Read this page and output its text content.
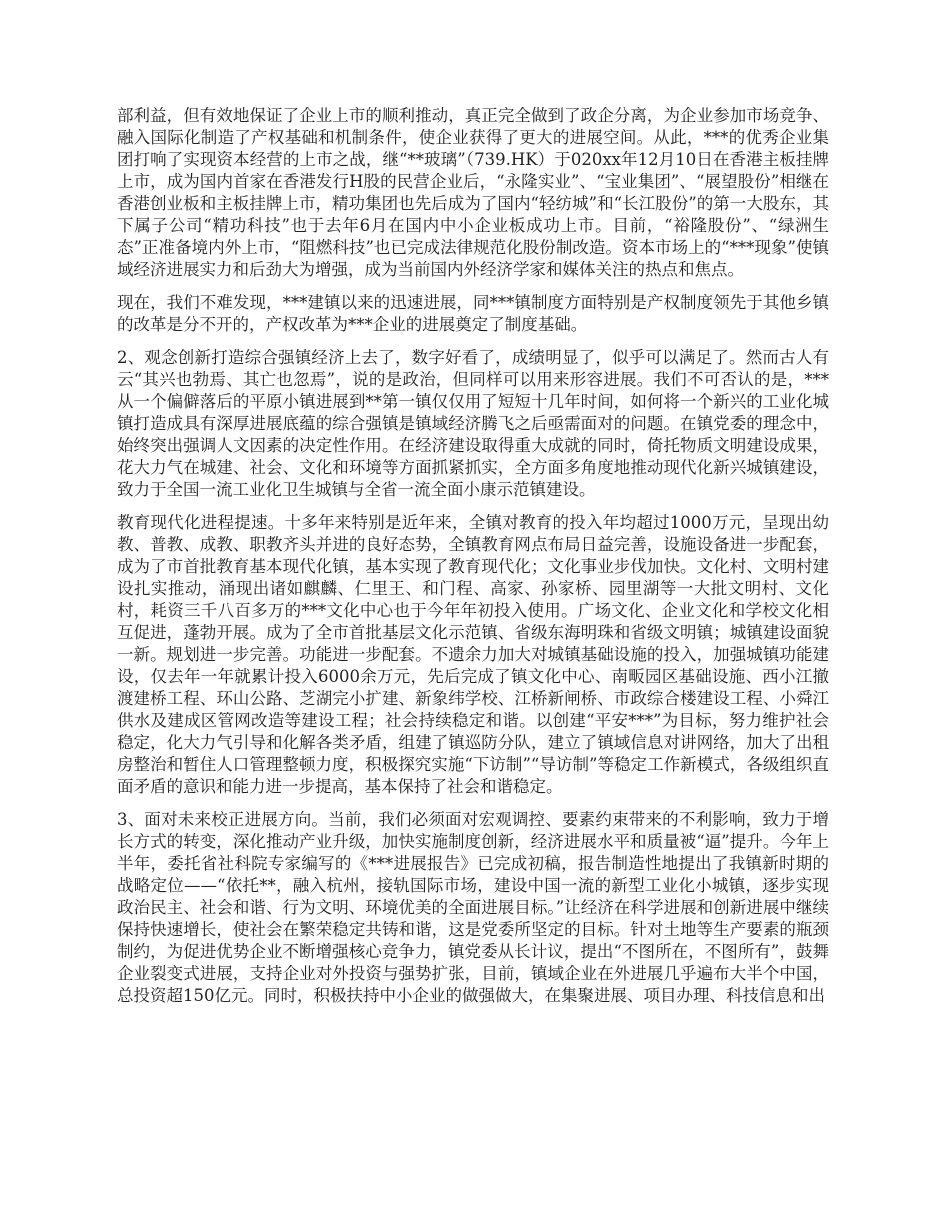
部利益，但有效地保证了企业上市的顺利推动，真正完全做到了政企分离，为企业参加市场竞争、融入国际化制造了产权基础和机制条件，使企业获得了更大的进展空间。从此，***的优秀企业集团打响了实现资本经营的上市之战，继“**玻璃”（739.HK）于020xx年12月10日在香港主板挂牌上市，成为国内首家在香港发行H股的民营企业后，“永隆实业”、“宝业集团”、“展望股份”相继在香港创业板和主板挂牌上市，精功集团也先后成为了国内“轻纺城”和“长江股份”的第一大股东，其下属子公司“精功科技”也于去年6月在国内中小企业板成功上市。目前，“裕隆股份”、“绿洲生态”正准备境内外上市，“阻燃科技”也已完成法律规范化股份制改造。资本市场上的“***现象”使镇域经济进展实力和后劲大为增强，成为当前国内外经济学家和媒体关注的热点和焦点。

现在，我们不难发现，***建镇以来的迅速进展，同***镇制度方面特别是产权制度领先于其他乡镇的改革是分不开的，产权改革为***企业的进展奠定了制度基础。

2、观念创新打造综合强镇经济上去了，数字好看了，成绩明显了，似乎可以满足了。然而古人有云“其兴也勃焉、其亡也忽焉”，说的是政治，但同样可以用来形容进展。我们不可否认的是，***从一个偏僻落后的平原小镇进展到**第一镇仅仅用了短短十几年时间，如何将一个新兴的工业化城镇打造成具有深厚进展底蕴的综合强镇是镇域经济腾飞之后亟需面对的问题。在镇党委的理念中，始终突出强调人文因素的决定性作用。在经济建设取得重大成就的同时，倚托物质文明建设成果，花大力气在城建、社会、文化和环境等方面抓紧抓实，全方面多角度地推动现代化新兴城镇建设，致力于全国一流工业化卫生城镇与全省一流全面小康示范镇建设。

教育现代化进程提速。十多年来特别是近年来，全镇对教育的投入年均超过1000万元，呈现出幼教、普教、成教、职教齐头并进的良好态势，全镇教育网点布局日益完善，设施设备进一步配套，成为了市首批教育基本现代化镇，基本实现了教育现代化；文化事业步伐加快。文化村、文明村建设扎实推动，涌现出诸如麒麟、仁里王、和门程、高家、孙家桥、园里湖等一大批文明村、文化村，耗资三千八百多万的***文化中心也于今年年初投入使用。广场文化、企业文化和学校文化相互促进，蓬勃开展。成为了全市首批基层文化示范镇、省级东海明珠和省级文明镇；城镇建设面貌一新。规划进一步完善。功能进一步配套。不遗余力加大对城镇基础设施的投入，加强城镇功能建设，仅去年一年就累计投入6000余万元，先后完成了镇文化中心、南畈园区基础设施、西小江撤渡建桥工程、环山公路、芝湖完小扩建、新象纬学校、江桥新闸桥、市政综合楼建设工程、小舜江供水及建成区管网改造等建设工程；社会持续稳定和谐。以创建“平安***”为目标，努力维护社会稳定，化大力气引导和化解各类矛盾，组建了镇巡防分队，建立了镇域信息对讲网络，加大了出租房整治和暂住人口管理整顿力度，积极探究实施“下访制”“导访制”等稳定工作新模式，各级组织直面矛盾的意识和能力进一步提高，基本保持了社会和谐稳定。

3、面对未来校正进展方向。当前，我们必须面对宏观调控、要素约束带来的不利影响，致力于增长方式的转变，深化推动产业升级，加快实施制度创新，经济进展水平和质量被“逼”提升。今年上半年，委托省社科院专家编写的《***进展报告》已完成初稿，报告制造性地提出了我镇新时期的战略定位——“依托**，融入杭州，接轨国际市场，建设中国一流的新型工业化小城镇，逐步实现政治民主、社会和谐、行为文明、环境优美的全面进展目标。”让经济在科学进展和创新进展中继续保持快速增长，使社会在繁荣稳定共铸和谐，这是党委所坚定的目标。针对土地等生产要素的瓶颈制约，为促进优势企业不断增强核心竞争力，镇党委从长计议，提出“不图所在，不图所有”，鼓舞企业裂变式进展，支持企业对外投资与强势扩张，目前，镇域企业在外进展几乎遍布大半个中国，总投资超150亿元。同时，积极扶持中小企业的做强做大，在集聚进展、项目办理、科技信息和出
